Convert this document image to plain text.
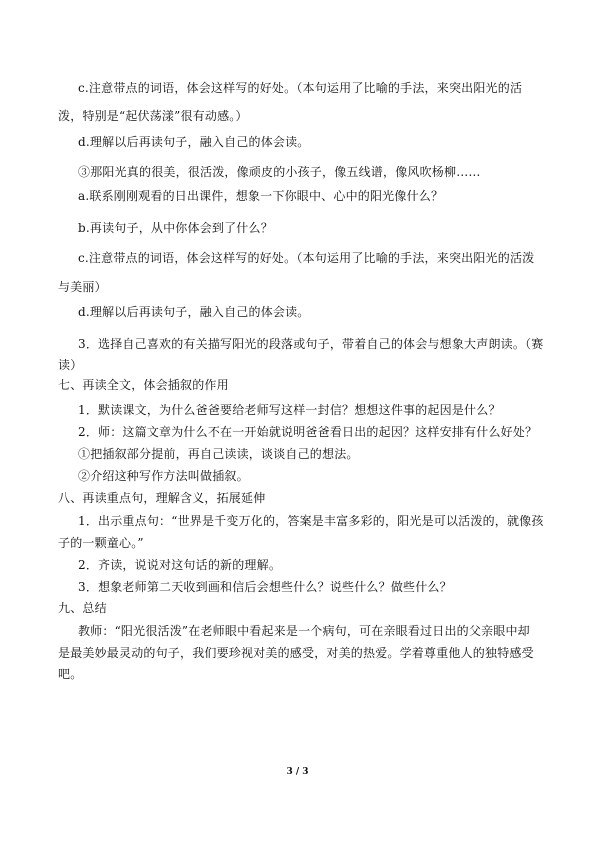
c.注意带点的词语，体会这样写的好处。（本句运用了比喻的手法，来突出阳光的活
泼，特别是“起伏荡漾”很有动感。）
d.理解以后再读句子，融入自己的体会读。
③那阳光真的很美，很活泼，像顽皮的小孩子，像五线谱，像风吹杨柳……
a.联系刚刚观看的日出课件，想象一下你眼中、心中的阳光像什么？
b.再读句子，从中你体会到了什么？
c.注意带点的词语，体会这样写的好处。（本句运用了比喻的手法，来突出阳光的活泼
与美丽）
d.理解以后再读句子，融入自己的体会读。
3．选择自己喜欢的有关描写阳光的段落或句子，带着自己的体会与想象大声朗读。（赛
读）
七、再读全文，体会插叙的作用
1．默读课文，为什么爸爸要给老师写这样一封信？想想这件事的起因是什么？
2．师：这篇文章为什么不在一开始就说明爸爸看日出的起因？这样安排有什么好处？
①把插叙部分提前，再自己读读，谈谈自己的想法。
②介绍这种写作方法叫做插叙。
八、再读重点句，理解含义，拓展延伸
1．出示重点句：“世界是千变万化的，答案是丰富多彩的，阳光是可以活泼的，就像孩
子的一颗童心。”
2．齐读，说说对这句话的新的理解。
3．想象老师第二天收到画和信后会想些什么？说些什么？做些什么？
九、总结
教师：“阳光很活泼”在老师眼中看起来是一个病句，可在亲眼看过日出的父亲眼中却
是最美妙最灵动的句子，我们要珍视对美的感受，对美的热爱。学着尊重他人的独特感受
吧。
3 / 3
